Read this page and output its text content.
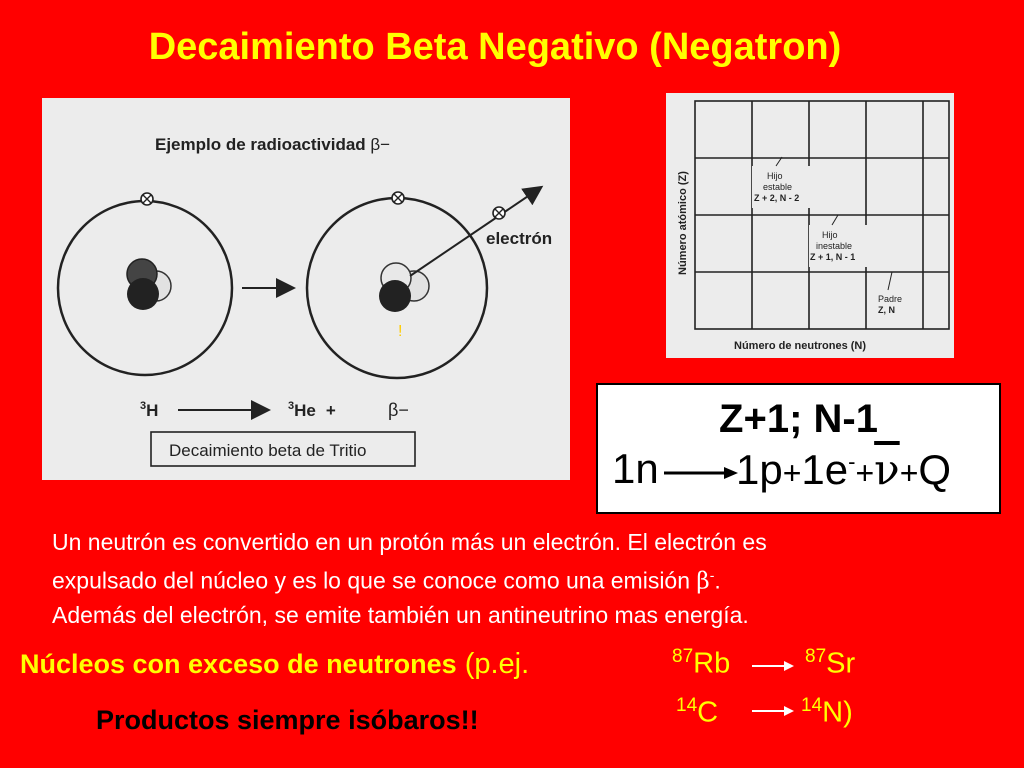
Decaimiento Beta Negativo (Negatron)
Ejemplo de radioactividad β−
electrón
!
$^3$H	$^3$He +	β−
Decaimiento beta de Tritio
Número atómico (Z)
Número de neutrones (N)
Hijo
estable
Z + 2, N - 2
Hijo
inestable
Z + 1, N - 1
Padre
Z, N
Z+1; N-1
1n $1p+1e^-+\overline{\nu}+Q$
Un neutrón es convertido en un protón más un electrón. El electrón es
expulsado del núcleo y es lo que se conoce como una emisión β-.
Además del electrón, se emite también un antineutrino mas energía.
Núcleos con exceso de neutrones (p.ej.	$^{87}$Rb	$^{87}$Sr
$^{14}$C	$^{14}$N)
Productos siempre isóbaros!!
